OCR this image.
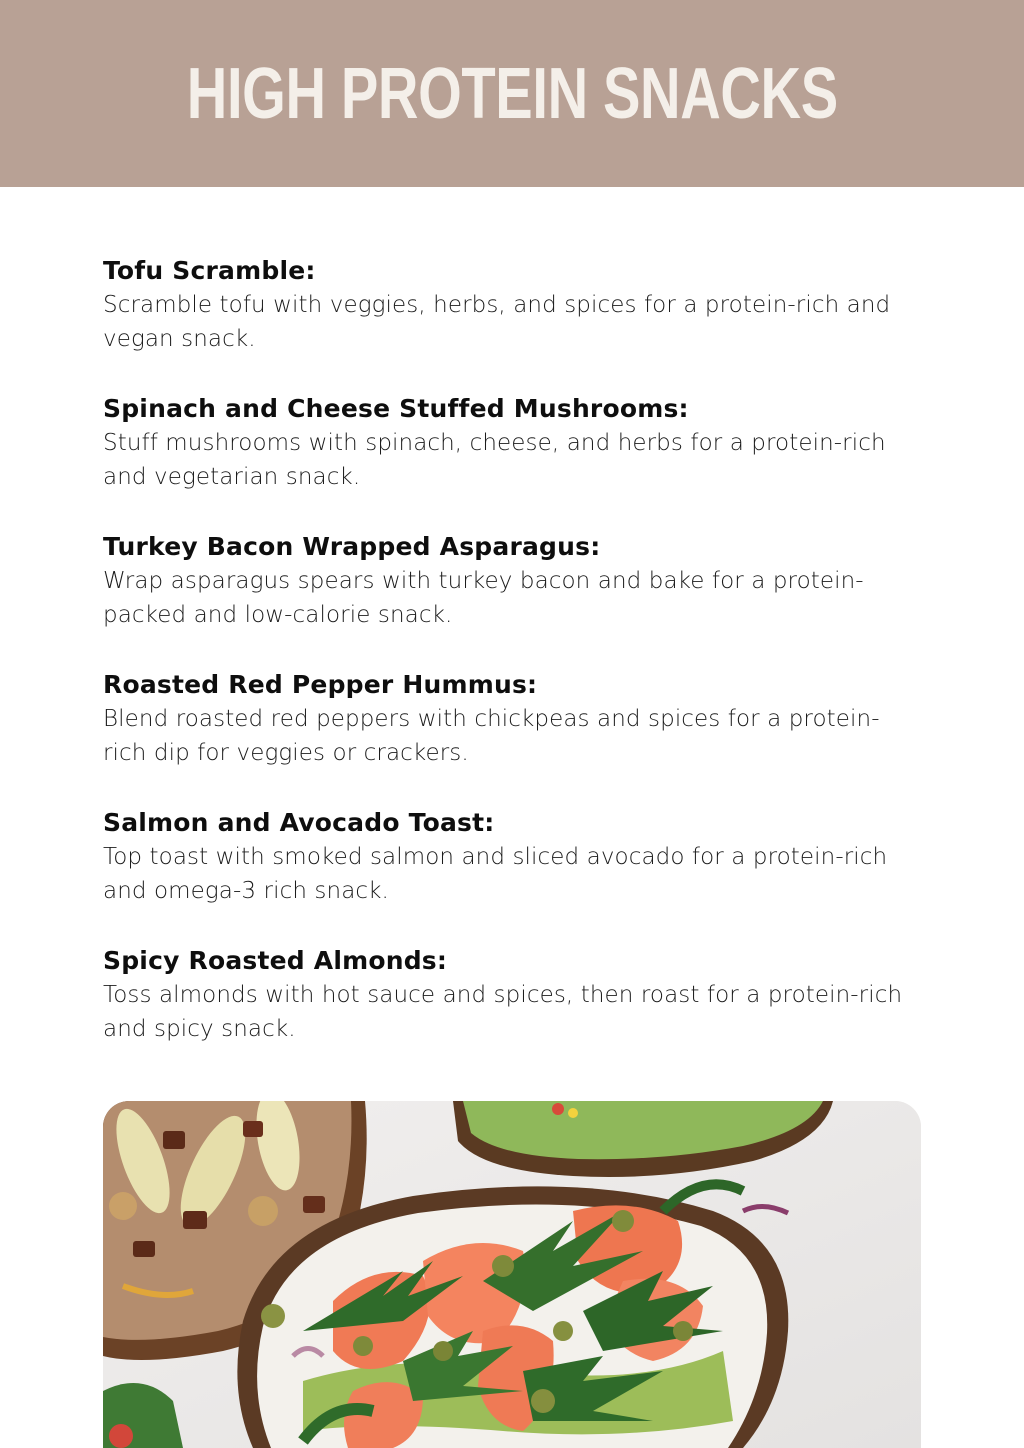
HIGH PROTEIN SNACKS

Tofu Scramble:

Scramble tofu with veggies, herbs, and spices for a protein-rich and vegan snack.

Spinach and Cheese Stuffed Mushrooms:

Stuff mushrooms with spinach, cheese, and herbs for a protein-rich and vegetarian snack.

Turkey Bacon Wrapped Asparagus:

Wrap asparagus spears with turkey bacon and bake for a protein-packed and low-calorie snack.

Roasted Red Pepper Hummus:

Blend roasted red peppers with chickpeas and spices for a protein-rich dip for veggies or crackers.

Salmon and Avocado Toast:

Top toast with smoked salmon and sliced avocado for a protein-rich and omega-3 rich snack.

Spicy Roasted Almonds:

Toss almonds with hot sauce and spices, then roast for a protein-rich and spicy snack.
